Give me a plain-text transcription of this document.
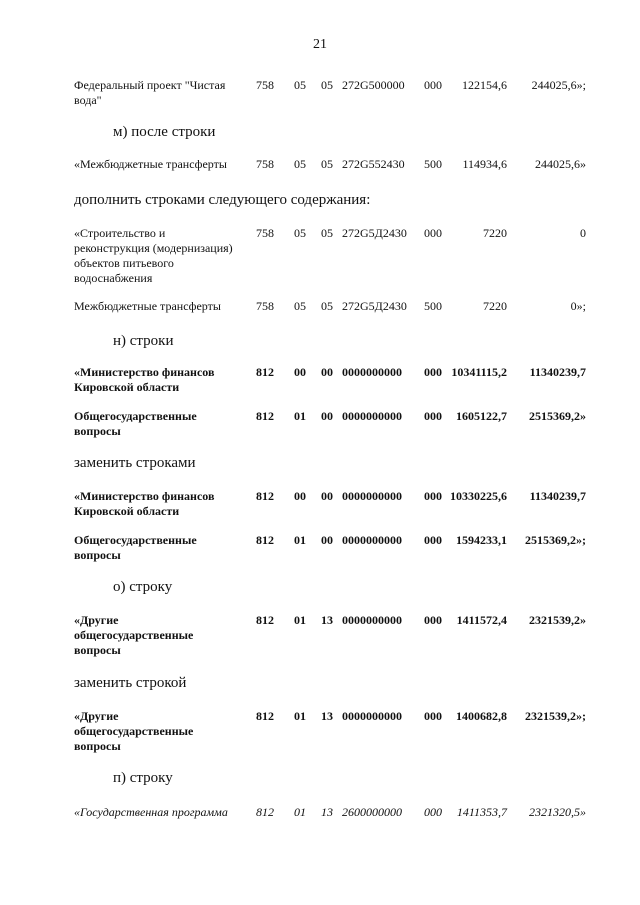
21
Федеральный проект "Чистая вода"
758 05 05 272G500000 000 122154,6 244025,6»;
м) после строки
«Межбюджетные трансферты	758 05 05 272G552430 500 114934,6 244025,6»
дополнить строками следующего содержания:
«Строительство и реконструкция (модернизация) объектов питьевого водоснабжения
758 05 05 272G5Д2430 000	7220	0
Межбюджетные трансферты	758 05 05 272G5Д2430 500	7220	0»;
н) строки
«Министерство финансов Кировской области
812 00 00 0000000000 000 10341115,2 11340239,7
Общегосударственные вопросы
812 01 00 0000000000 000 1605122,7 2515369,2»
заменить строками
«Министерство финансов Кировской области
812 00 00 0000000000 000 10330225,6 11340239,7
Общегосударственные вопросы
812 01 00 0000000000 000 1594233,1 2515369,2»;
о) строку
«Другие общегосударственные вопросы
812 01 13 0000000000 000 1411572,4 2321539,2»
заменить строкой
«Другие общегосударственные вопросы
812 01 13 0000000000 000 1400682,8 2321539,2»;
п) строку
«Государственная программа	812 01 13 2600000000 000 1411353,7 2321320,5»
